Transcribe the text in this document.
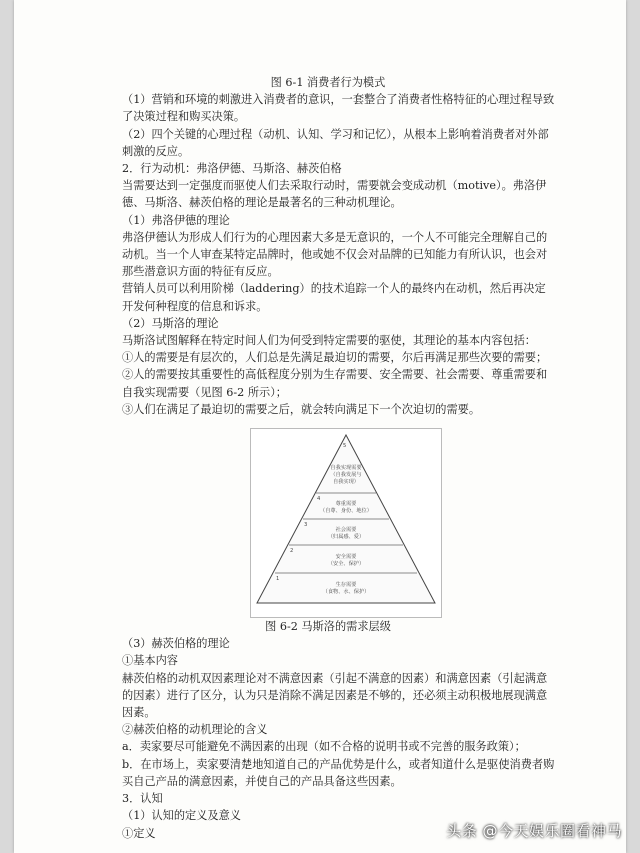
图 6-1 消费者行为模式

（1）营销和环境的刺激进入消费者的意识，一套整合了消费者性格特征的心理过程导致了决策过程和购买决策。

（2）四个关键的心理过程（动机、认知、学习和记忆），从根本上影响着消费者对外部刺激的反应。

2．行为动机：弗洛伊德、马斯洛、赫茨伯格

当需要达到一定强度而驱使人们去采取行动时，需要就会变成动机（motive）。弗洛伊德、马斯洛、赫茨伯格的理论是最著名的三种动机理论。

（1）弗洛伊德的理论

弗洛伊德认为形成人们行为的心理因素大多是无意识的，一个人不可能完全理解自己的动机。当一个人审查某特定品牌时，他或她不仅会对品牌的已知能力有所认识，也会对那些潜意识方面的特征有反应。

营销人员可以利用阶梯（laddering）的技术追踪一个人的最终内在动机，然后再决定开发何种程度的信息和诉求。

（2）马斯洛的理论

马斯洛试图解释在特定时间人们为何受到特定需要的驱使，其理论的基本内容包括：

①人的需要是有层次的，人们总是先满足最迫切的需要，尔后再满足那些次要的需要；

②人的需要按其重要性的高低程度分别为生存需要、安全需要、社会需要、尊重需要和自我实现需要（见图 6-2 所示）；

③人们在满足了最迫切的需要之后，就会转向满足下一个次迫切的需要。

5
自我实现需要
（自我发展与
自我实现）
4
尊重需要
（自尊、身份、地位）
3
社会需要
（归属感、爱）
2
安全需要
（安全、保护）
1
生存需要
（食物、水、保护）

图 6-2 马斯洛的需求层级

（3）赫茨伯格的理论

①基本内容

赫茨伯格的动机双因素理论对不满意因素（引起不满意的因素）和满意因素（引起满意的因素）进行了区分，认为只是消除不满足因素是不够的，还必须主动积极地展现满意因素。

②赫茨伯格的动机理论的含义

a．卖家要尽可能避免不满因素的出现（如不合格的说明书或不完善的服务政策）；

b．在市场上，卖家要清楚地知道自己的产品优势是什么，或者知道什么是驱使消费者购买自己产品的满意因素，并使自己的产品具备这些因素。

3．认知

（1）认知的定义及意义

①定义	头条 @今天娱乐圈看神马
